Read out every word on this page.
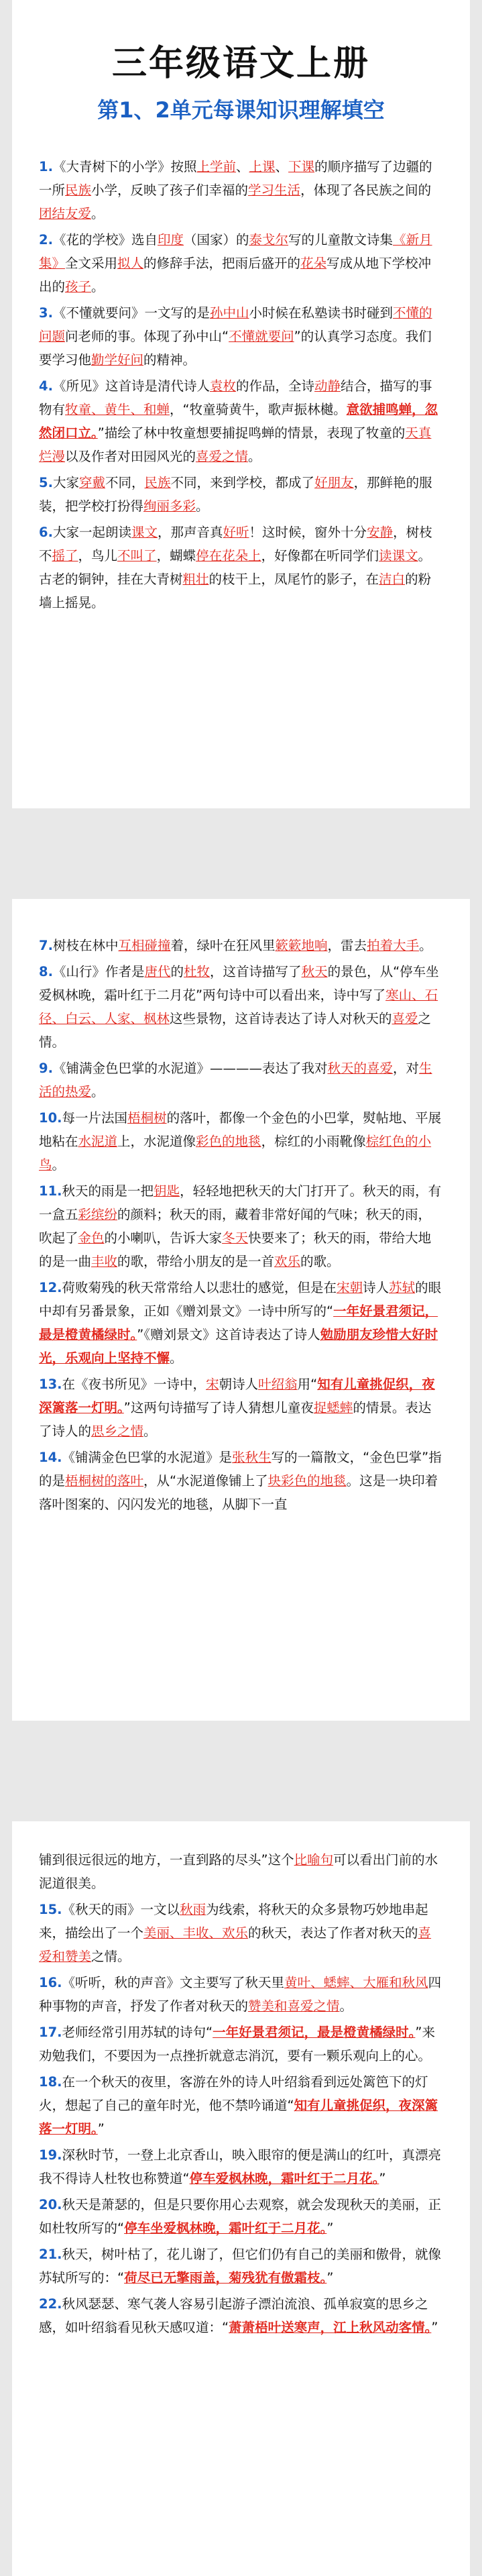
三年级语文上册
第1、2单元每课知识理解填空

1.《大青树下的小学》按照上学前、上课、下课的顺序描写了边疆的一所民族小学，反映了孩子们幸福的学习生活，体现了各民族之间的团结友爱。

2.《花的学校》选自印度（国家）的泰戈尔写的儿童散文诗集《新月集》全文采用拟人的修辞手法，把雨后盛开的花朵写成从地下学校冲出的孩子。

3.《不懂就要问》一文写的是孙中山小时候在私塾读书时碰到不懂的问题问老师的事。体现了孙中山“不懂就要问”的认真学习态度。我们要学习他勤学好问的精神。

4.《所见》这首诗是清代诗人袁枚的作品，全诗动静结合，描写的事物有牧童、黄牛、和蝉，“牧童骑黄牛，歌声振林樾。意欲捕鸣蝉，忽然闭口立。”描绘了林中牧童想要捕捉鸣蝉的情景，表现了牧童的天真烂漫以及作者对田园风光的喜爱之情。

5.大家穿戴不同，民族不同，来到学校，都成了好朋友，那鲜艳的服装，把学校打扮得绚丽多彩。

6.大家一起朗读课文，那声音真好听！这时候，窗外十分安静，树枝不摇了，鸟儿不叫了，蝴蝶停在花朵上，好像都在听同学们读课文。古老的铜钟，挂在大青树粗壮的枝干上，凤尾竹的影子，在洁白的粉墙上摇晃。

7.树枝在林中互相碰撞着，绿叶在狂风里簌簌地响，雷去拍着大手。

8.《山行》作者是唐代的杜牧，这首诗描写了秋天的景色，从“停车坐爱枫林晚，霜叶红于二月花”两句诗中可以看出来，诗中写了寒山、石径、白云、人家、枫林这些景物，这首诗表达了诗人对秋天的喜爱之情。

9.《铺满金色巴掌的水泥道》————表达了我对秋天的喜爱，对生活的热爱。

10.每一片法国梧桐树的落叶，都像一个金色的小巴掌，熨帖地、平展地粘在水泥道上，水泥道像彩色的地毯，棕红的小雨靴像棕红色的小鸟。

11.秋天的雨是一把钥匙，轻轻地把秋天的大门打开了。秋天的雨，有一盒五彩缤纷的颜料；秋天的雨，藏着非常好闻的气味；秋天的雨，吹起了金色的小喇叭，告诉大家冬天快要来了；秋天的雨，带给大地的是一曲丰收的歌，带给小朋友的是一首欢乐的歌。

12.荷败菊残的秋天常常给人以悲壮的感觉，但是在宋朝诗人苏轼的眼中却有另番景象，正如《赠刘景文》一诗中所写的“一年好景君须记，最是橙黄橘绿时。”《赠刘景文》这首诗表达了诗人勉励朋友珍惜大好时光，乐观向上坚持不懈。

13.在《夜书所见》一诗中，宋朝诗人叶绍翁用“知有儿童挑促织，夜深篱落一灯明。”这两句诗描写了诗人猜想儿童夜捉蟋蟀的情景。表达了诗人的思乡之情。

14.《铺满金色巴掌的水泥道》是张秋生写的一篇散文，“金色巴掌”指的是梧桐树的落叶，从“水泥道像铺上了块彩色的地毯。这是一块印着落叶图案的、闪闪发光的地毯，从脚下一直

铺到很远很远的地方，一直到路的尽头”这个比喻句可以看出门前的水泥道很美。

15.《秋天的雨》一文以秋雨为线索，将秋天的众多景物巧妙地串起来，描绘出了一个美丽、丰收、欢乐的秋天，表达了作者对秋天的喜爱和赞美之情。

16.《听听，秋的声音》文主要写了秋天里黄叶、蟋蟀、大雁和秋风四种事物的声音，抒发了作者对秋天的赞美和喜爱之情。

17.老师经常引用苏轼的诗句“一年好景君须记，最是橙黄橘绿时。”来劝勉我们，不要因为一点挫折就意志消沉，要有一颗乐观向上的心。

18.在一个秋天的夜里，客游在外的诗人叶绍翁看到远处篱笆下的灯火，想起了自己的童年时光，他不禁吟诵道“知有儿童挑促织，夜深篱落一灯明。”

19.深秋时节，一登上北京香山，映入眼帘的便是满山的红叶，真漂亮我不得诗人杜牧也称赞道“停车爱枫林晚，霜叶红于二月花。”

20.秋天是萧瑟的，但是只要你用心去观察，就会发现秋天的美丽，正如杜牧所写的“停车坐爱枫林晚，霜叶红于二月花。”

21.秋天，树叶枯了，花儿谢了，但它们仍有自己的美丽和傲骨，就像苏轼所写的：“荷尽已无擎雨盖，菊残犹有傲霜枝。”

22.秋风瑟瑟、寒气袭人容易引起游子漂泊流浪、孤单寂寞的思乡之感，如叶绍翁看见秋天感叹道：“萧萧梧叶送寒声，江上秋风动客情。”
